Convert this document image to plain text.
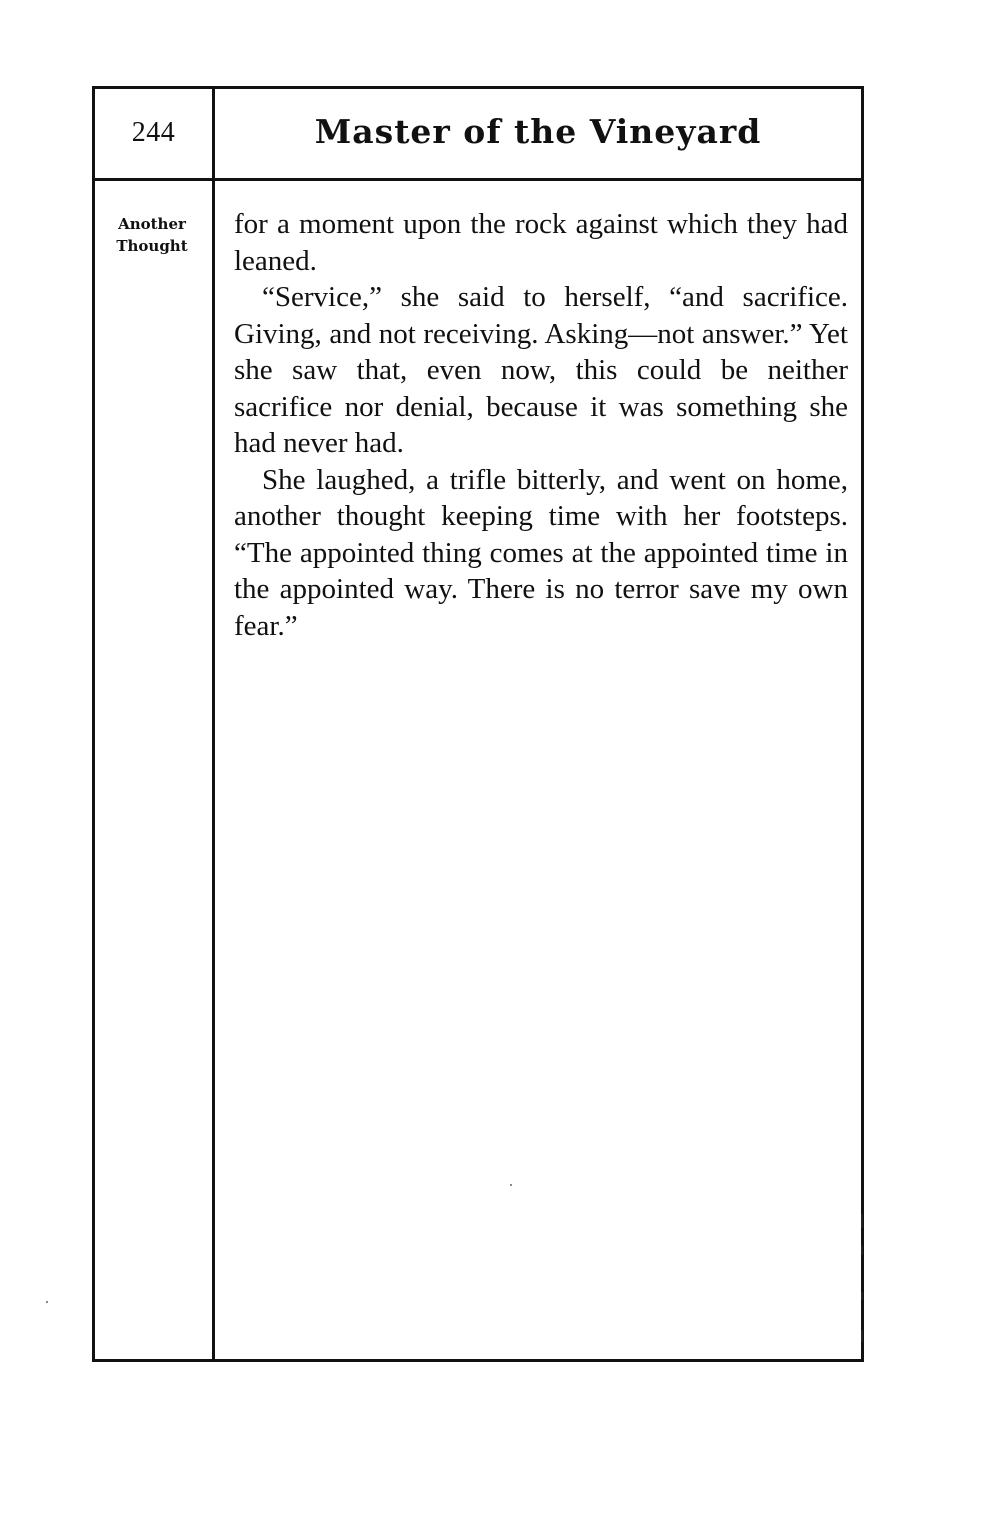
244	Master of the Vineyard
Another
Thought

for a moment upon the rock against which they had leaned.

“Service,” she said to herself, “and sacrifice. Giving, and not receiving. Asking—not answer.” Yet she saw that, even now, this could be neither sacrifice nor denial, because it was something she had never had.

She laughed, a trifle bitterly, and went on home, another thought keeping time with her footsteps. “The appointed thing comes at the appointed time in the appointed way. There is no terror save my own fear.”
